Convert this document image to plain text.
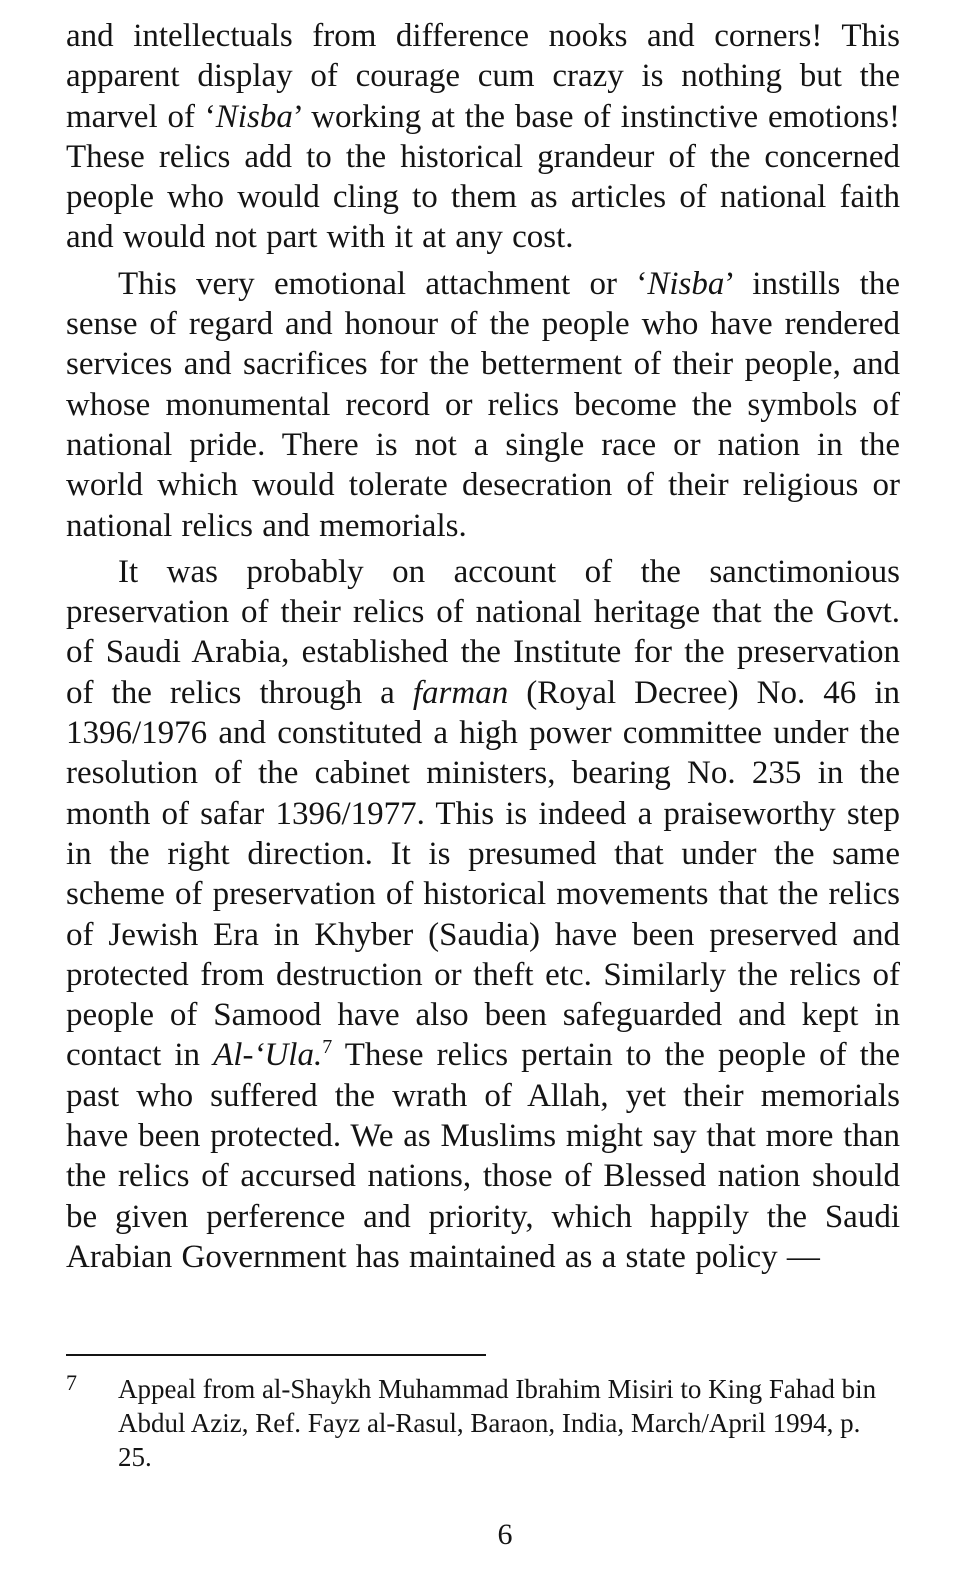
and intellectuals from difference nooks and corners! This apparent display of courage cum crazy is nothing but the marvel of ‘Nisba’ working at the base of instinctive emotions! These relics add to the historical grandeur of the concerned people who would cling to them as articles of national faith and would not part with it at any cost.

This very emotional attachment or ‘Nisba’ instills the sense of regard and honour of the people who have rendered services and sacrifices for the betterment of their people, and whose monumental record or relics become the symbols of national pride. There is not a single race or nation in the world which would tolerate desecration of their religious or national relics and memorials.

It was probably on account of the sanctimonious preservation of their relics of national heritage that the Govt. of Saudi Arabia, established the Institute for the preservation of the relics through a farman (Royal Decree) No. 46 in 1396/1976 and constituted a high power committee under the resolution of the cabinet ministers, bearing No. 235 in the month of safar 1396/1977. This is indeed a praiseworthy step in the right direction. It is presumed that under the same scheme of preservation of historical movements that the relics of Jewish Era in Khyber (Saudia) have been preserved and protected from destruction or theft etc. Similarly the relics of people of Samood have also been safeguarded and kept in contact in Al-‘Ula.$^7$ These relics pertain to the people of the past who suffered the wrath of Allah, yet their memorials have been protected. We as Muslims might say that more than the relics of accursed nations, those of Blessed nation should be given perference and priority, which happily the Saudi Arabian Government has maintained as a state policy —

7 Appeal from al-Shaykh Muhammad Ibrahim Misiri to King Fahad bin Abdul Aziz, Ref. Fayz al-Rasul, Baraon, India, March/April 1994, p. 25.

6
